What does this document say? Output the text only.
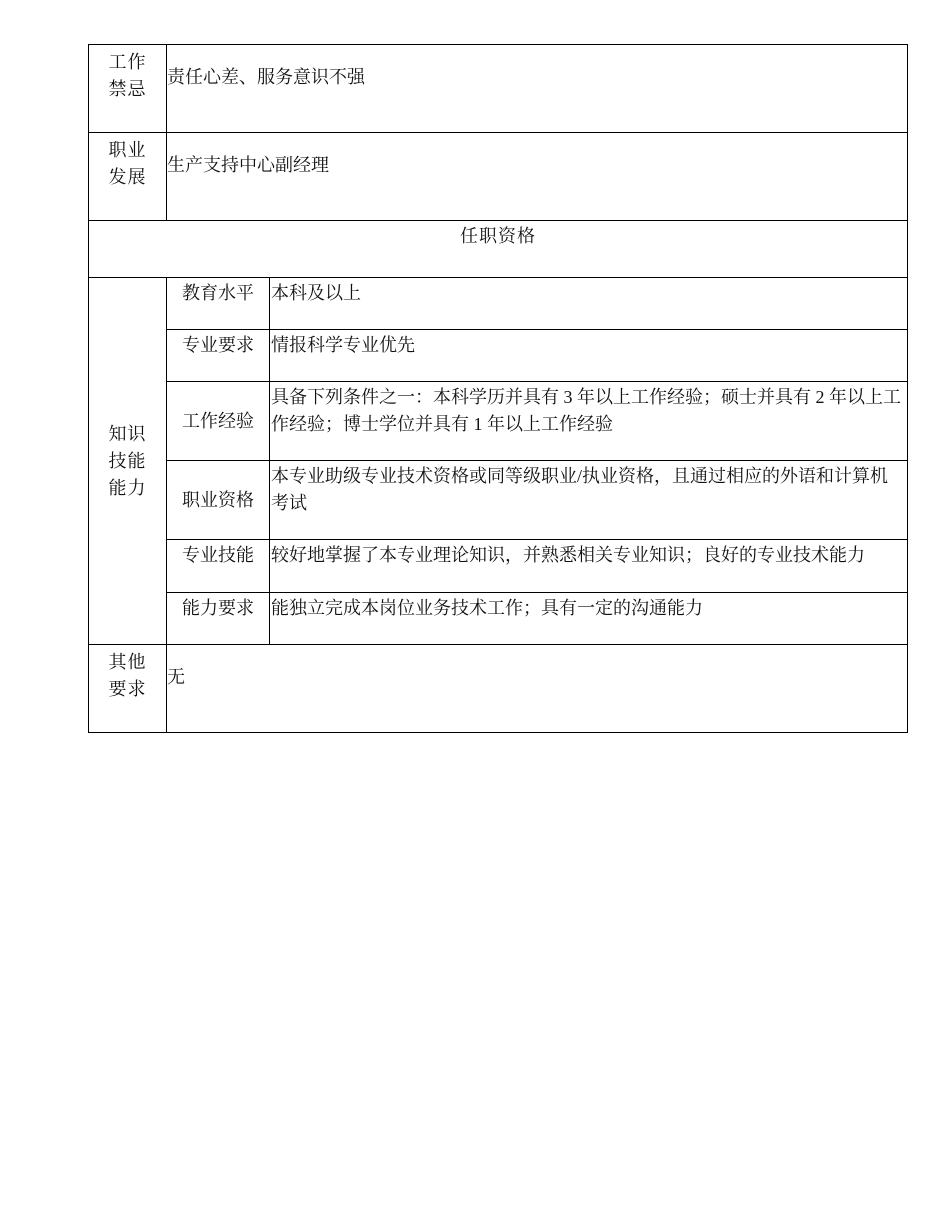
工作
禁忌	责任心差、服务意识不强	

职业
发展	生产支持中心副经理	
任职资格		

知识
技能
能力	教育水平	本科及以上
	专业要求	情报科学专业优先
	工作经验	具备下列条件之一：本科学历并具有 3 年以上工作经验；硕士并具有 2 年以上工作经验；博士学位并具有 1 年以上工作经验
	职业资格	本专业助级专业技术资格或同等级职业/执业资格，且通过相应的外语和计算机考试
	专业技能	较好地掌握了本专业理论知识，并熟悉相关专业知识；良好的专业技术能力
	能力要求	能独立完成本岗位业务技术工作；具有一定的沟通能力

其他
要求	无	
